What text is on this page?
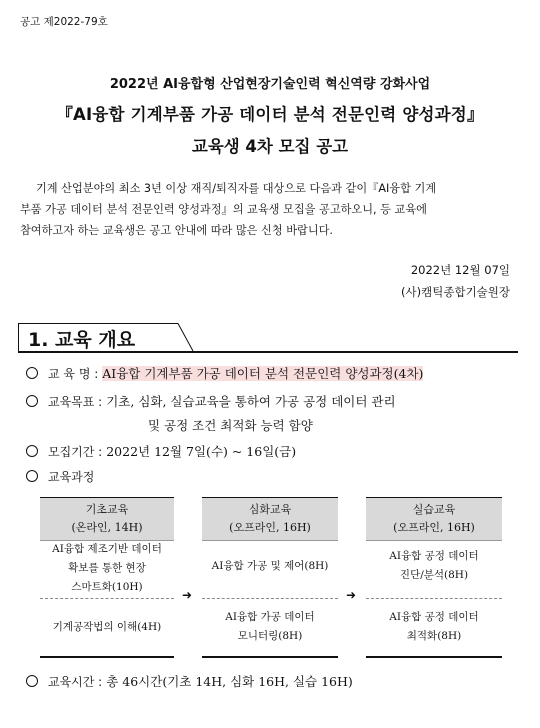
공고 제2022-79호
2022년 AI융합형 산업현장기술인력 혁신역량 강화사업
『AI융합 기계부품 가공 데이터 분석 전문인력 양성과정』
교육생 4차 모집 공고
기계 산업분야의 최소 3년 이상 재직/퇴직자를 대상으로 다음과 같이『AI융합 기계
부품 가공 데이터 분석 전문인력 양성과정』의 교육생 모집을 공고하오니, 등 교육에
참여하고자 하는 교육생은 공고 안내에 따라 많은 신청 바랍니다.
2022년 12월 07일
(사)캠틱종합기술원장
1. 교육 개요
교 육 명 : AI융합 기계부품 가공 데이터 분석 전문인력 양성과정(4차)
교육목표 : 기초, 심화, 실습교육을 통하여 가공 공정 데이터 관리
및 공정 조건 최적화 능력 함양
모집기간 : 2022년 12월 7일(수) ~ 16일(금)
교육과정
기초교육
(온라인, 14H)
심화교육
(오프라인, 16H)
실습교육
(오프라인, 16H)
AI융합 제조기반 데이터
확보를 통한 현장
스마트화(10H)
기계공작법의 이해(4H)
AI융합 가공 및 제어(8H)
AI융합 가공 데이터
모니터링(8H)
AI융합 공정 데이터
진단/분석(8H)
AI융합 공정 데이터
최적화(8H)
➜	➜
교육시간 : 총 46시간(기초 14H, 심화 16H, 실습 16H)
